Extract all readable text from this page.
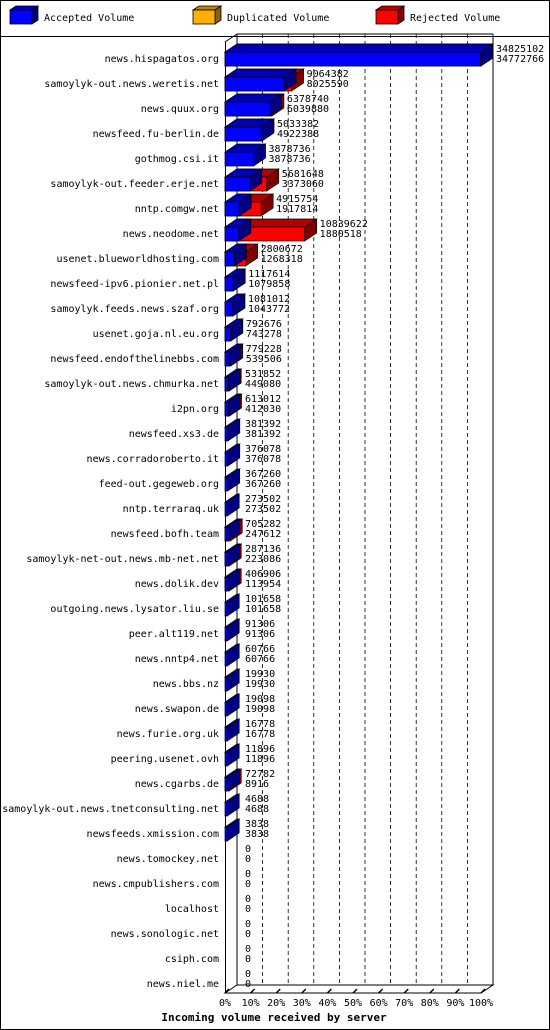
Accepted Volume	Duplicated Volume	Rejected Volume
news.hispagatos.org
34825102
34772766
samoylyk-out.news.weretis.net
9064382
8025590
news.quux.org
6378740
6039880
newsfeed.fu-berlin.de
5033382
4922388
gothmog.csi.it
3878736
3878736
samoylyk-out.feeder.erje.net
5681648
3373060
nntp.comgw.net
4915754
1917814
news.neodome.net
10839622
1880518
usenet.blueworldhosting.com
2800672
1268318
newsfeed-ipv6.pionier.net.pl
1117614
1079858
samoylyk.feeds.news.szaf.org
1081012
1043772
usenet.goja.nl.eu.org
792676
743278
newsfeed.endofthelinebbs.com
779228
539506
samoylyk-out.news.chmurka.net
531852
449080
i2pn.org
613012
412030
newsfeed.xs3.de
381392
381392
news.corradoroberto.it
376078
376078
feed-out.gegeweb.org
367260
367260
nntp.terraraq.uk
273502
273502
newsfeed.bofh.team
705282
247612
samoylyk-net-out.news.mb-net.net
287136
223086
news.dolik.dev
406906
113954
outgoing.news.lysator.liu.se
101658
101658
peer.alt119.net
91306
91306
news.nntp4.net
60766
60766
news.bbs.nz
19930
19930
news.swapon.de
19098
19098
news.furie.org.uk
16778
16778
peering.usenet.ovh
11896
11896
news.cgarbs.de
72782
8916
samoylyk-out.news.tnetconsulting.net
4688
4688
newsfeeds.xmission.com
3838
3838
news.tomockey.net
0
0
news.cmpublishers.com
0
0
localhost
0
0
news.sonologic.net
0
0
csiph.com
0
0
news.niel.me
0
0
0% 10% 20% 30% 40% 50% 60% 70% 80% 90% 100%
Incoming volume received by server
